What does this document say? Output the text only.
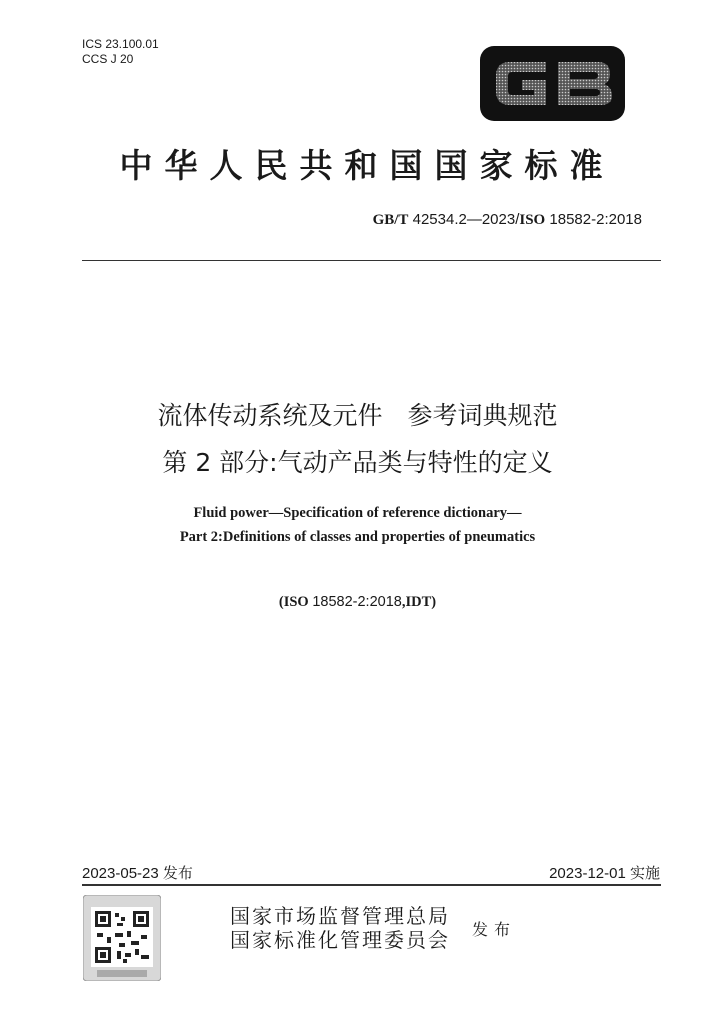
ICS 23.100.01
CCS J 20
中华人民共和国国家标准
GB/T 42534.2—2023/ISO 18582-2:2018
流体传动系统及元件　参考词典规范
第 2 部分:气动产品类与特性的定义
Fluid power—Specification of reference dictionary—
Part 2:Definitions of classes and properties of pneumatics
(ISO 18582-2:2018,IDT)
2023-05-23 发布	2023-12-01 实施
国家市场监督管理总局
国家标准化管理委员会 发布
